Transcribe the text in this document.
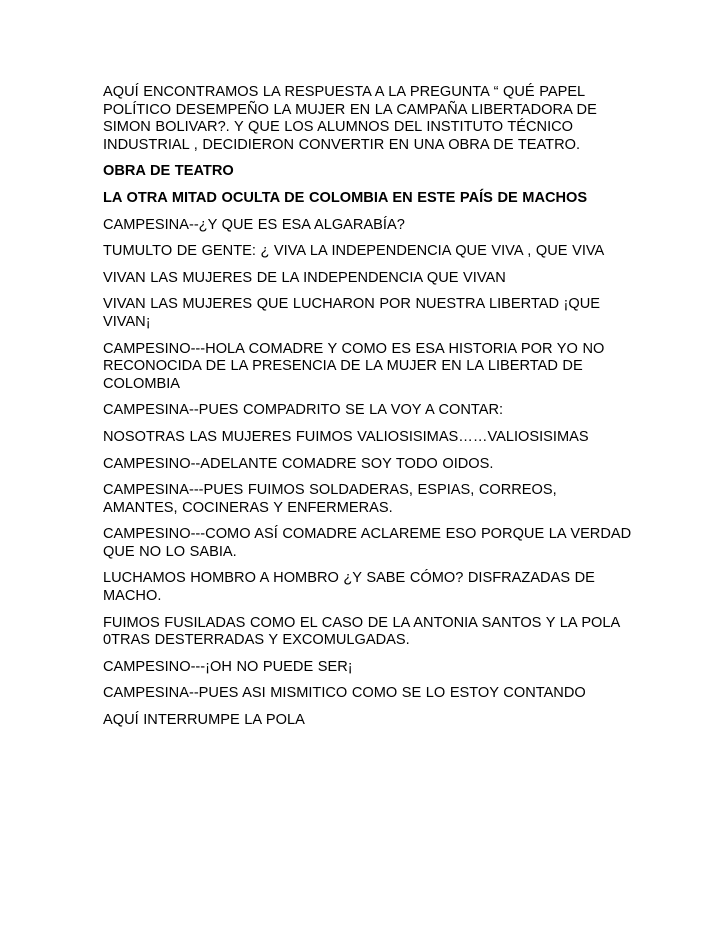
AQUÍ ENCONTRAMOS LA RESPUESTA A LA PREGUNTA “ QUÉ PAPEL POLÍTICO DESEMPEÑO LA MUJER EN LA CAMPAÑA LIBERTADORA DE SIMON BOLIVAR?. Y QUE LOS ALUMNOS DEL INSTITUTO TÉCNICO INDUSTRIAL , DECIDIERON CONVERTIR EN UNA OBRA DE TEATRO.

OBRA DE TEATRO

LA OTRA MITAD OCULTA DE COLOMBIA EN ESTE PAÍS DE MACHOS

CAMPESINA--¿Y QUE ES ESA ALGARABÍA?

TUMULTO DE GENTE: ¿ VIVA LA INDEPENDENCIA QUE VIVA , QUE VIVA

VIVAN LAS MUJERES DE LA INDEPENDENCIA QUE VIVAN

VIVAN LAS MUJERES QUE LUCHARON POR NUESTRA LIBERTAD ¡QUE VIVAN¡

CAMPESINO---HOLA COMADRE Y COMO ES ESA HISTORIA POR YO NO RECONOCIDA DE LA PRESENCIA DE LA MUJER EN LA LIBERTAD DE COLOMBIA

CAMPESINA--PUES COMPADRITO SE LA VOY A CONTAR:

NOSOTRAS LAS MUJERES FUIMOS VALIOSISIMAS……VALIOSISIMAS

CAMPESINO--ADELANTE COMADRE SOY TODO OIDOS.

CAMPESINA---PUES FUIMOS SOLDADERAS, ESPIAS, CORREOS, AMANTES, COCINERAS Y ENFERMERAS.

CAMPESINO---COMO ASÍ COMADRE ACLAREME ESO PORQUE LA VERDAD QUE NO LO SABIA.

LUCHAMOS HOMBRO A HOMBRO ¿Y SABE CÓMO? DISFRAZADAS DE MACHO.

FUIMOS FUSILADAS COMO EL CASO DE LA ANTONIA SANTOS Y LA POLA 0TRAS DESTERRADAS Y EXCOMULGADAS.

CAMPESINO---¡OH NO PUEDE SER¡

CAMPESINA--PUES ASI MISMITICO COMO SE LO ESTOY CONTANDO

AQUÍ INTERRUMPE LA POLA
